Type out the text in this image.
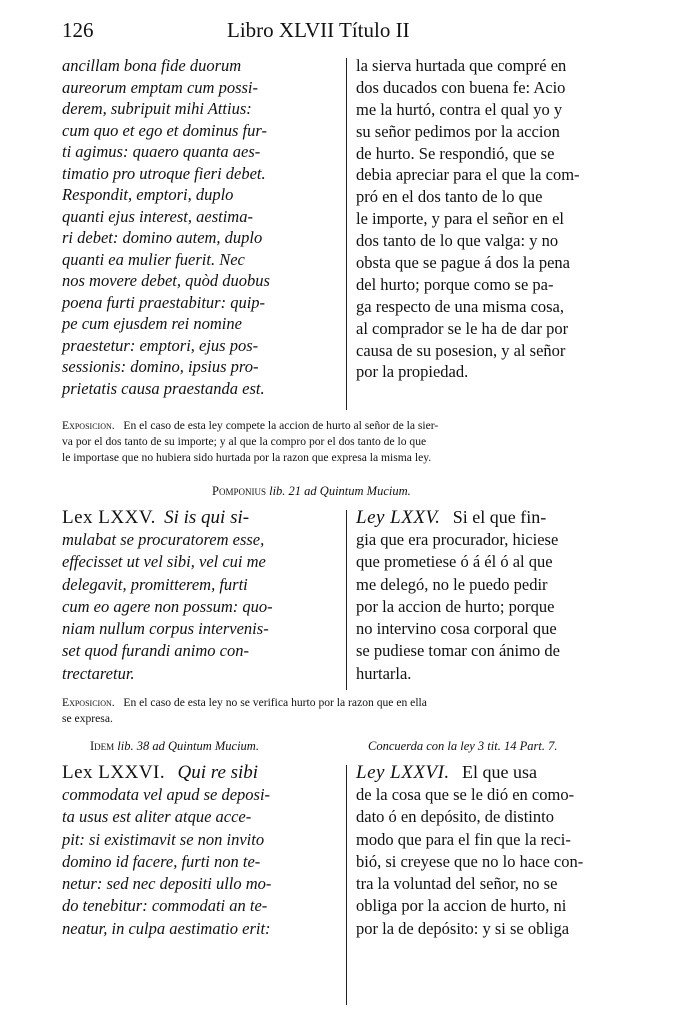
126	Libro XLVII Título II
ancillam bona fide duorum
aureorum emptam cum possi-
derem, subripuit mihi Attius:
cum quo et ego et dominus fur-
ti agimus: quaero quanta aes-
timatio pro utroque fieri debet.
Respondit, emptori, duplo
quanti ejus interest, aestima-
ri debet: domino autem, duplo
quanti ea mulier fuerit. Nec
nos movere debet, quòd duobus
poena furti praestabitur: quip-
pe cum ejusdem rei nomine
praestetur: emptori, ejus pos-
sessionis: domino, ipsius pro-
prietatis causa praestanda est.
la sierva hurtada que compré en
dos ducados con buena fe: Acio
me la hurtó, contra el qual yo y
su señor pedimos por la accion
de hurto. Se respondió, que se
debia apreciar para el que la com-
pró en el dos tanto de lo que
le importe, y para el señor en el
dos tanto de lo que valga: y no
obsta que se pague á dos la pena
del hurto; porque como se pa-
ga respecto de una misma cosa,
al comprador se le ha de dar por
causa de su posesion, y al señor
por la propiedad.
Exposicion. En el caso de esta ley compete la accion de hurto al señor de la sier-
va por el dos tanto de su importe; y al que la compro por el dos tanto de lo que
le importase que no hubiera sido hurtada por la razon que expresa la misma ley.
Pomponius lib. 21 ad Quintum Mucium.
Lex LXXV. Si is qui si-
mulabat se procuratorem esse,
effecisset ut vel sibi, vel cui me
delegavit, promitterem, furti
cum eo agere non possum: quo-
niam nullum corpus intervenis-
set quod furandi animo con-
trectaretur.
Ley LXXV. Si el que fin-
gia que era procurador, hiciese
que prometiese ó á él ó al que
me delegó, no le puedo pedir
por la accion de hurto; porque
no intervino cosa corporal que
se pudiese tomar con ánimo de
hurtarla.
Exposicion. En el caso de esta ley no se verifica hurto por la razon que en ella
se expresa.
Idem lib. 38 ad Quintum Mucium.	Concuerda con la ley 3 tit. 14 Part. 7.
Lex LXXVI. Qui re sibi
commodata vel apud se deposi-
ta usus est aliter atque acce-
pit: si existimavit se non invito
domino id facere, furti non te-
netur: sed nec depositi ullo mo-
do tenebitur: commodati an te-
neatur, in culpa aestimatio erit:
Ley LXXVI. El que usa
de la cosa que se le dió en como-
dato ó en depósito, de distinto
modo que para el fin que la reci-
bió, si creyese que no lo hace con-
tra la voluntad del señor, no se
obliga por la accion de hurto, ni
por la de depósito: y si se obliga
